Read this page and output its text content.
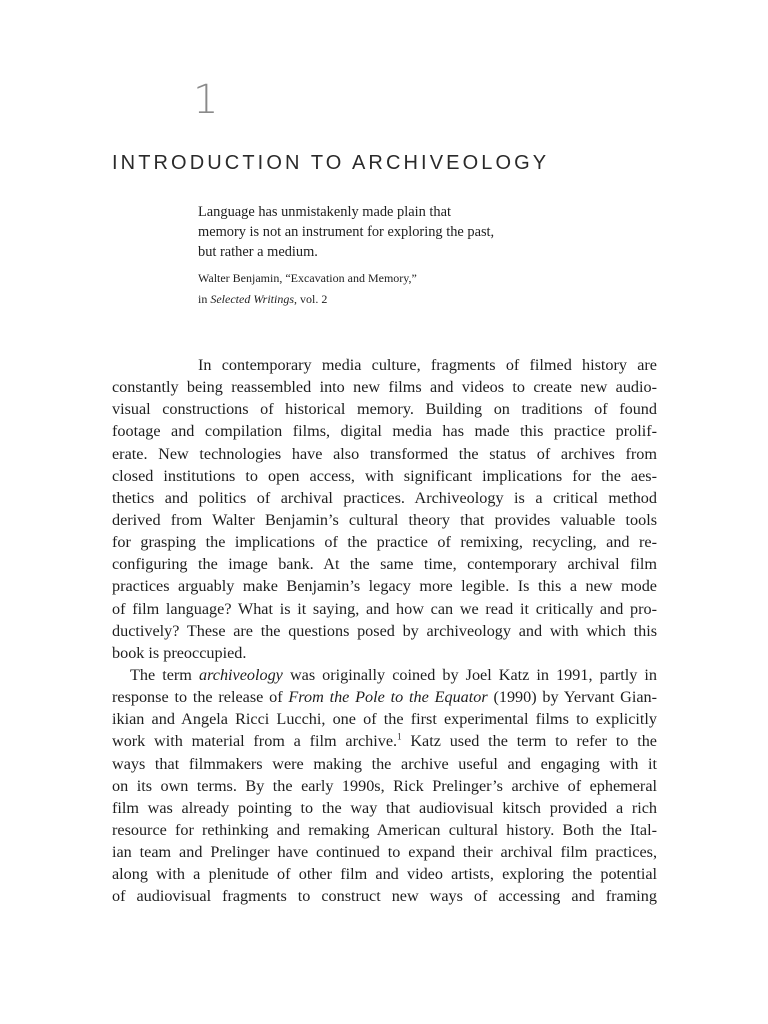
1
INTRODUCTION TO ARCHIVEOLOGY

Language has unmistakenly made plain that
memory is not an instrument for exploring the past,
but rather a medium.

Walter Benjamin, “Excavation and Memory,”
in Selected Writings, vol. 2

In contemporary media culture, fragments of filmed history are
constantly being reassembled into new films and videos to create new audio-
visual constructions of historical memory. Building on traditions of found
footage and compilation films, digital media has made this practice prolif-
erate. New technologies have also transformed the status of archives from
closed institutions to open access, with significant implications for the aes-
thetics and politics of archival practices. Archiveology is a critical method
derived from Walter Benjamin’s cultural theory that provides valuable tools
for grasping the implications of the practice of remixing, recycling, and re-
configuring the image bank. At the same time, contemporary archival film
practices arguably make Benjamin’s legacy more legible. Is this a new mode
of film language? What is it saying, and how can we read it critically and pro-
ductively? These are the questions posed by archiveology and with which this
book is preoccupied.
The term archiveology was originally coined by Joel Katz in 1991, partly in
response to the release of From the Pole to the Equator (1990) by Yervant Gian-
ikian and Angela Ricci Lucchi, one of the first experimental films to explicitly
work with material from a film archive.$^1$ Katz used the term to refer to the
ways that filmmakers were making the archive useful and engaging with it
on its own terms. By the early 1990s, Rick Prelinger’s archive of ephemeral
film was already pointing to the way that audiovisual kitsch provided a rich
resource for rethinking and remaking American cultural history. Both the Ital-
ian team and Prelinger have continued to expand their archival film practices,
along with a plenitude of other film and video artists, exploring the potential
of audiovisual fragments to construct new ways of accessing and framing
